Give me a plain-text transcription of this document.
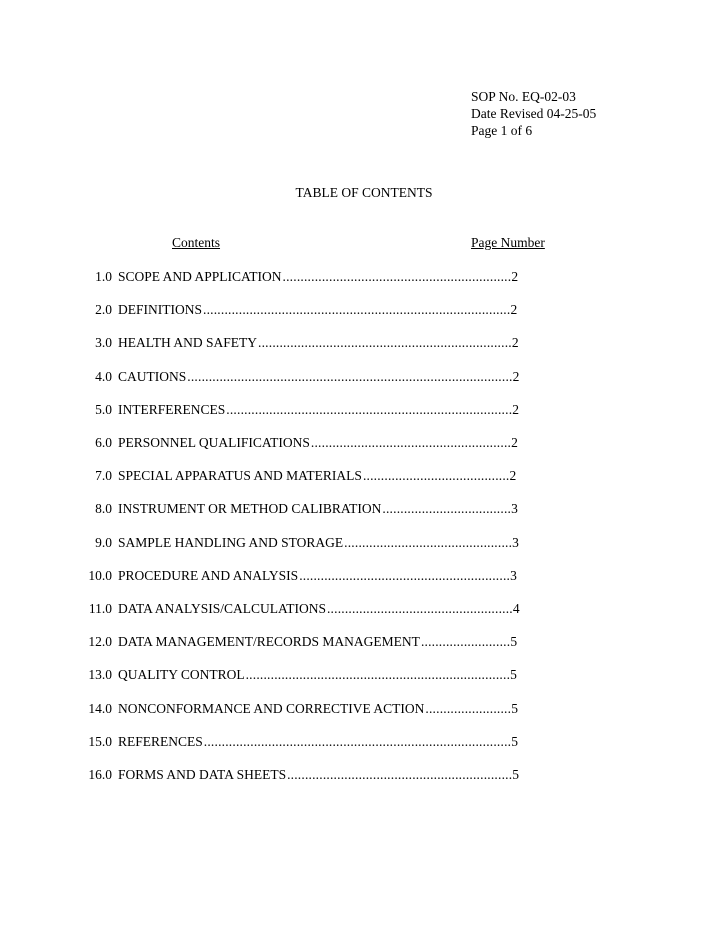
SOP No. EQ-02-03
Date Revised 04-25-05
Page 1 of 6
TABLE OF CONTENTS
Contents	Page Number
1.0 SCOPE AND APPLICATION................................................................ 2
2.0 DEFINITIONS...................................................................................... 2
3.0 HEALTH AND SAFETY....................................................................... 2
4.0 CAUTIONS........................................................................................... 2
5.0 INTERFERENCES................................................................................ 2
6.0 PERSONNEL QUALIFICATIONS........................................................ 2
7.0 SPECIAL APPARATUS AND MATERIALS......................................... 2
8.0 INSTRUMENT OR METHOD CALIBRATION.................................... 3
9.0 SAMPLE HANDLING AND STORAGE............................................... 3
10.0 PROCEDURE AND ANALYSIS........................................................... 3
11.0 DATA ANALYSIS/CALCULATIONS.................................................... 4
12.0 DATA MANAGEMENT/RECORDS MANAGEMENT......................... 5
13.0 QUALITY CONTROL.......................................................................... 5
14.0 NONCONFORMANCE AND CORRECTIVE ACTION........................ 5
15.0 REFERENCES...................................................................................... 5
16.0 FORMS AND DATA SHEETS............................................................... 5
